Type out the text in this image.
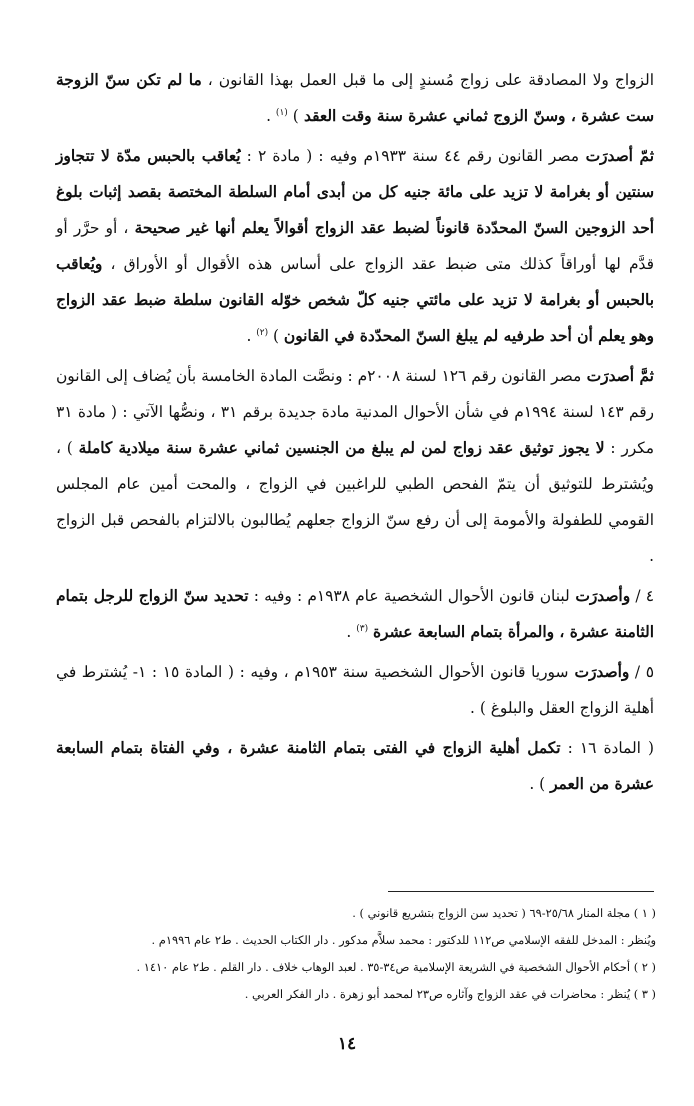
الزواج ولا المصادقة على زواج مُسندٍ إلى ما قبل العمل بهذا القانون ، ما لم تكن سنّ الزوجة ست عشرة ، وسنّ الزوج ثماني عشرة سنة وقت العقد ) $^{(١)}$ .

ثمّ أصدرَت مصر القانون رقم ٤٤ سنة ١٩٣٣م وفيه : ( مادة ٢ : يُعاقب بالحبس مدّة لا تتجاوز سنتين أو بغرامة لا تزيد على مائة جنيه كل من أبدى أمام السلطة المختصة بقصد إثبات بلوغ أحد الزوجين السنّ المحدّدة قانوناً لضبط عقد الزواج أقوالاً يعلم أنها غير صحيحة ، أو حرَّر أو قدَّم لها أوراقاً كذلك متى ضبط عقد الزواج على أساس هذه الأقوال أو الأوراق ، ويُعاقب بالحبس أو بغرامة لا تزيد على مائتي جنيه كلّ شخص خوّله القانون سلطة ضبط عقد الزواج وهو يعلم أن أحد طرفيه لم يبلغ السنّ المحدّدة في القانون ) $^{(٢)}$ .

ثمَّ أصدرَت مصر القانون رقم ١٢٦ لسنة ٢٠٠٨م : ونصَّت المادة الخامسة بأن يُضاف إلى القانون رقم ١٤٣ لسنة ١٩٩٤م في شأن الأحوال المدنية مادة جديدة برقم ٣١ ، ونصُّها الآتي : ( مادة ٣١ مكرر : لا يجوز توثيق عقد زواج لمن لم يبلغ من الجنسين ثماني عشرة سنة ميلادية كاملة ) ، ويُشترط للتوثيق أن يتمّ الفحص الطبي للراغبين في الزواج ، والمحت أمين عام المجلس القومي للطفولة والأمومة إلى أن رفع سنّ الزواج جعلهم يُطالبون بالالتزام بالفحص قبل الزواج .

٤ / وأصدرَت لبنان قانون الأحوال الشخصية عام ١٩٣٨م : وفيه : تحديد سنّ الزواج للرجل بتمام الثامنة عشرة ، والمرأة بتمام السابعة عشرة $^{(٣)}$ .

٥ / وأصدرَت سوريا قانون الأحوال الشخصية سنة ١٩٥٣م ، وفيه : ( المادة ١٥ : ١- يُشترط في أهلية الزواج العقل والبلوغ ) .

( المادة ١٦ : تكمل أهلية الزواج في الفتى بتمام الثامنة عشرة ، وفي الفتاة بتمام السابعة عشرة من العمر ) .

( ١ ) مجلة المنار ٢٥/٦٨-٦٩ ( تحديد سن الزواج بتشريع قانوني ) .

ويُنظر : المدخل للفقه الإسلامي ص١١٢ للدكتور : محمد سلاَّم مدكور . دار الكتاب الحديث . ط٢ عام ١٩٩٦م .

( ٢ ) أحكام الأحوال الشخصية في الشريعة الإسلامية ص٣٤-٣٥ . لعبد الوهاب خلاف . دار القلم . ط٢ عام ١٤١٠ .

( ٣ ) يُنظر : محاضرات في عقد الزواج وآثاره ص٢٣ لمحمد أبو زهرة . دار الفكر العربي .

١٤
